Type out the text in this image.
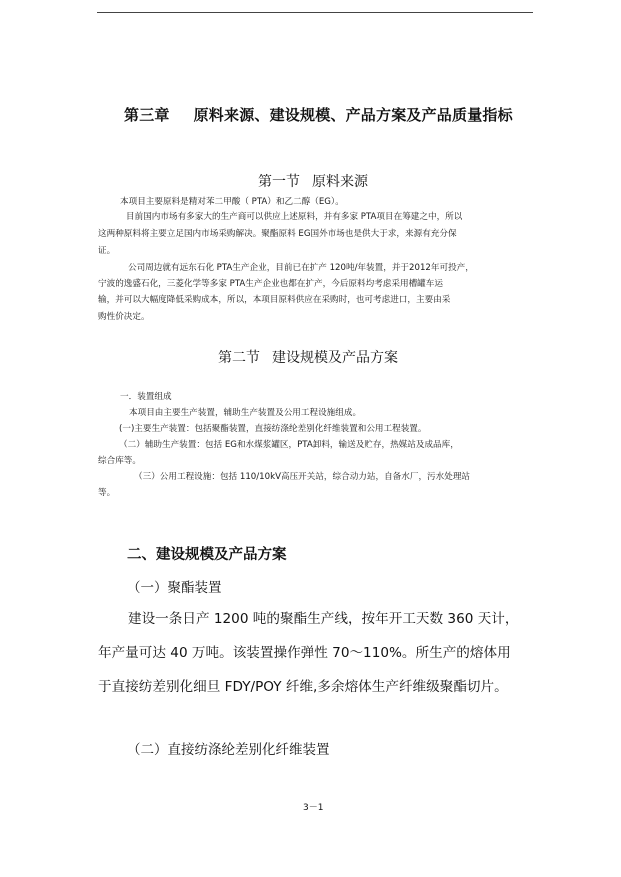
第三章 原料来源、建设规模、产品方案及产品质量指标
第一节 原料来源

本项目主要原料是精对苯二甲酸（ PTA）和乙二醇（EG）。

目前国内市场有多家大的生产商可以供应上述原料，并有多家 PTA项目在筹建之中，所以

这两种原料将主要立足国内市场采购解决。聚酯原料 EG国外市场也是供大于求，来源有充分保

证。

公司周边就有远东石化 PTA生产企业，目前已在扩产 120吨/年装置，并于2012年可投产，

宁波的逸盛石化，三菱化学等多家 PTA生产企业也都在扩产，今后原料均考虑采用槽罐车运

输，并可以大幅度降低采购成本，所以，本项目原料供应在采购时，也可考虑进口，主要由采

购性价决定。

第二节 建设规模及产品方案

一．装置组成

本项目由主要生产装置，辅助生产装置及公用工程设施组成。

(一)主要生产装置：包括聚酯装置，直接纺涤纶差别化纤维装置和公用工程装置。

（二）辅助生产装置：包括 EG和水煤浆罐区，PTA卸料，输送及贮存，热媒站及成品库，

综合库等。

（三）公用工程设施：包括 110/10kV高压开关站，综合动力站，自备水厂，污水处理站

等。

二、建设规模及产品方案
（一）聚酯装置

建设一条日产 1200 吨的聚酯生产线，按年开工天数 360 天计，

年产量可达 40 万吨。该装置操作弹性 70～110%。所生产的熔体用

于直接纺差别化细旦 FDY/POY 纤维,多余熔体生产纤维级聚酯切片。

（二）直接纺涤纶差别化纤维装置
3－1
